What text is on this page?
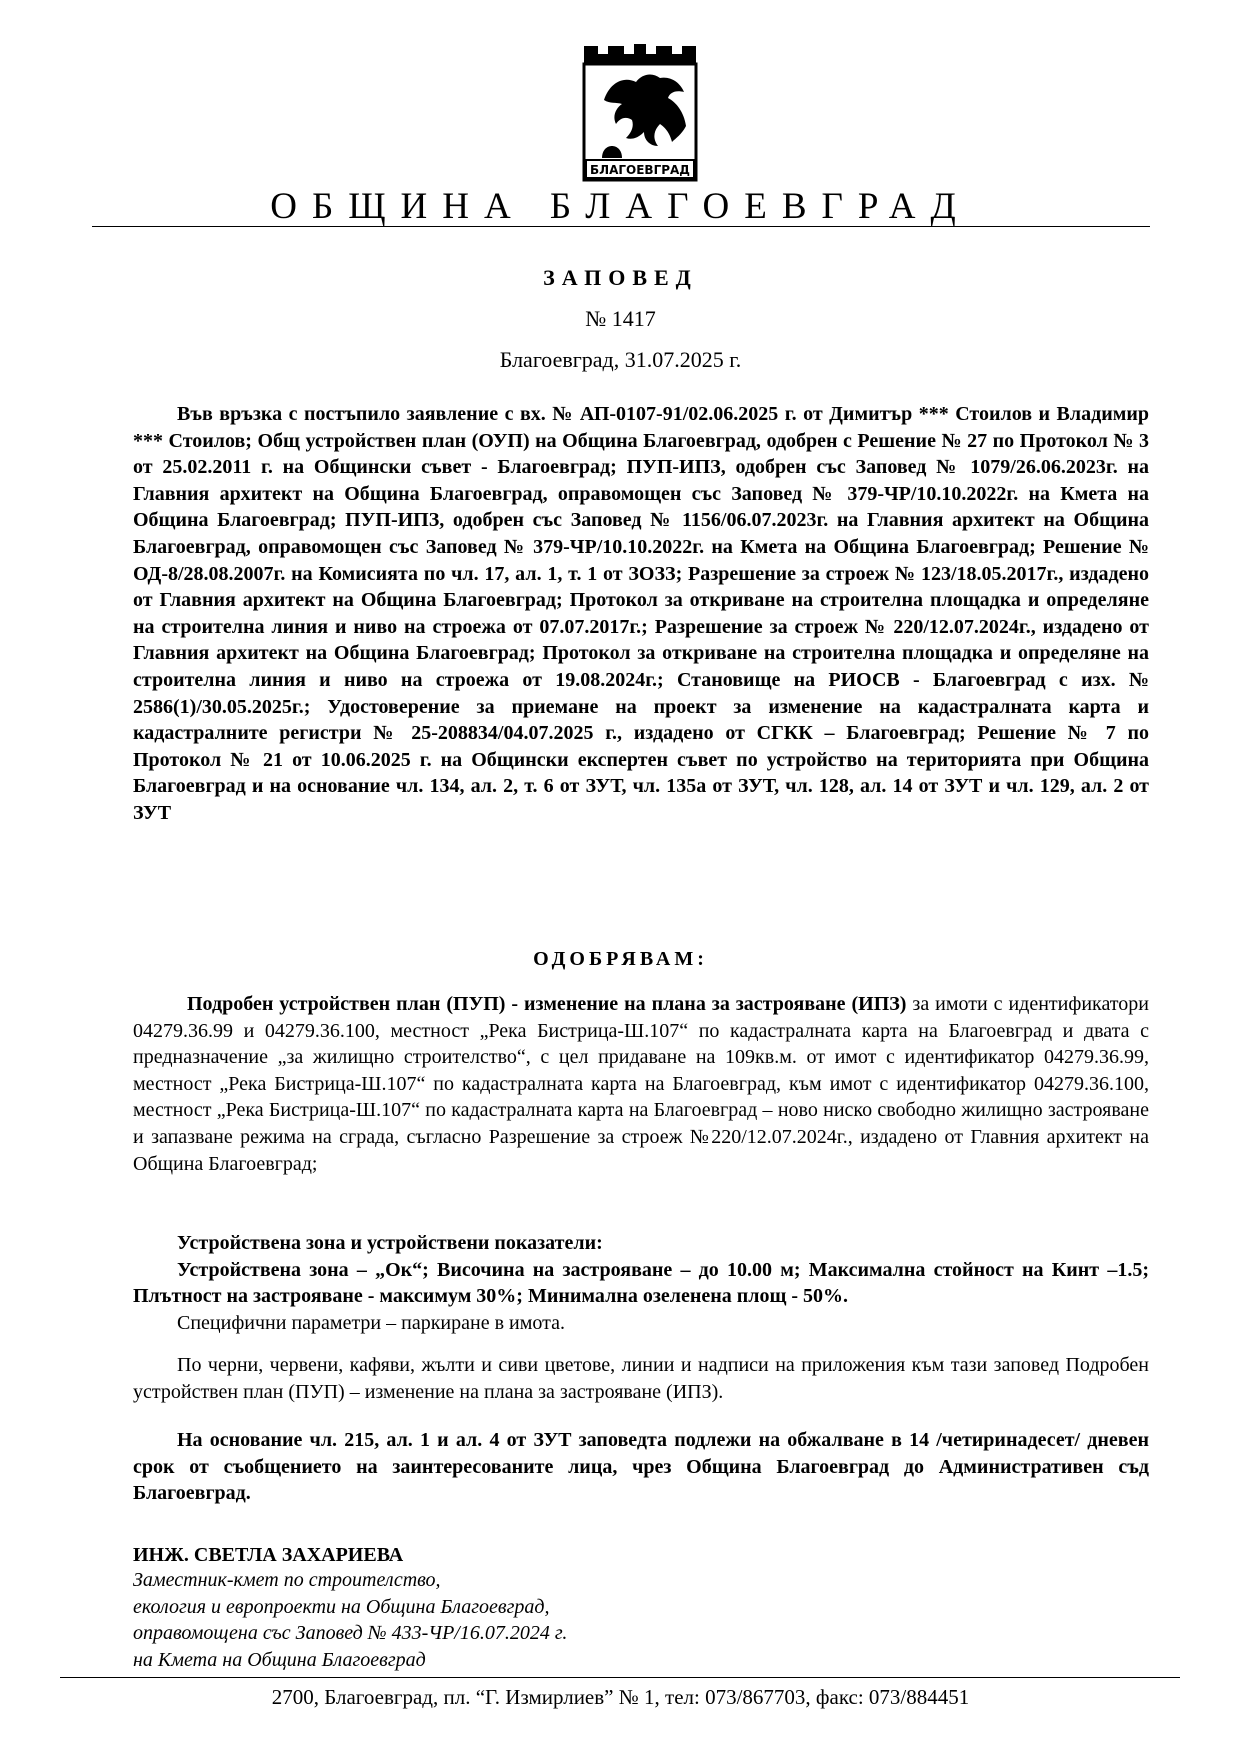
БЛАГОЕВГРАД
ОБЩИНА БЛАГОЕВГРАД
ЗАПОВЕД
№ 1417
Благоевград, 31.07.2025 г.
Във връзка с постъпило заявление с вх. № АП-0107-91/02.06.2025 г. от Димитър *** Стоилов и Владимир *** Стоилов; Общ устройствен план (ОУП) на Община Благоевград, одобрен с Решение № 27 по Протокол № 3 от 25.02.2011 г. на Общински съвет - Благоевград; ПУП-ИПЗ, одобрен със Заповед № 1079/26.06.2023г. на Главния архитект на Община Благоевград, оправомощен със Заповед № 379-ЧР/10.10.2022г. на Кмета на Община Благоевград; ПУП-ИПЗ, одобрен със Заповед № 1156/06.07.2023г. на Главния архитект на Община Благоевград, оправомощен със Заповед № 379-ЧР/10.10.2022г. на Кмета на Община Благоевград; Решение № ОД-8/28.08.2007г. на Комисията по чл. 17, ал. 1, т. 1 от ЗОЗЗ; Разрешение за строеж № 123/18.05.2017г., издадено от Главния архитект на Община Благоевград; Протокол за откриване на строителна площадка и определяне на строителна линия и ниво на строежа от 07.07.2017г.; Разрешение за строеж № 220/12.07.2024г., издадено от Главния архитект на Община Благоевград; Протокол за откриване на строителна площадка и определяне на строителна линия и ниво на строежа от 19.08.2024г.; Становище на РИОСВ - Благоевград с изх. № 2586(1)/30.05.2025г.; Удостоверение за приемане на проект за изменение на кадастралната карта и кадастралните регистри № 25-208834/04.07.2025 г., издадено от СГКК – Благоевград; Решение № 7 по Протокол № 21 от 10.06.2025 г. на Общински експертен съвет по устройство на територията при Община Благоевград и на основание чл. 134, ал. 2, т. 6 от ЗУТ, чл. 135а от ЗУТ, чл. 128, ал. 14 от ЗУТ и чл. 129, ал. 2 от ЗУТ
ОДОБРЯВАМ:
Подробен устройствен план (ПУП) - изменение на плана за застрояване (ИПЗ) за имоти с идентификатори 04279.36.99 и 04279.36.100, местност „Река Бистрица-Ш.107“ по кадастралната карта на Благоевград и двата с предназначение „за жилищно строителство“, с цел придаване на 109кв.м. от имот с идентификатор 04279.36.99, местност „Река Бистрица-Ш.107“ по кадастралната карта на Благоевград, към имот с идентификатор 04279.36.100, местност „Река Бистрица-Ш.107“ по кадастралната карта на Благоевград – ново ниско свободно жилищно застрояване и запазване режима на сграда, съгласно Разрешение за строеж №220/12.07.2024г., издадено от Главния архитект на Община Благоевград;
Устройствена зона и устройствени показатели:
Устройствена зона – „Ок“; Височина на застрояване – до 10.00 м; Максимална стойност на Кинт –1.5; Плътност на застрояване - максимум 30%; Минимална озеленена площ - 50%.
Специфични параметри – паркиране в имота.
По черни, червени, кафяви, жълти и сиви цветове, линии и надписи на приложения към тази заповед Подробен устройствен план (ПУП) – изменение на плана за застрояване (ИПЗ).
На основание чл. 215, ал. 1 и ал. 4 от ЗУТ заповедта подлежи на обжалване в 14 /четиринадесет/ дневен срок от съобщението на заинтересованите лица, чрез Община Благоевград до Административен съд Благоевград.
ИНЖ. СВЕТЛА ЗАХАРИЕВА
Заместник-кмет по строителство,
екология и европроекти на Община Благоевград,
оправомощена със Заповед № 433-ЧР/16.07.2024 г.
на Кмета на Община Благоевград
2700, Благоевград, пл. “Г. Измирлиев” № 1, тел: 073/867703, факс: 073/884451
